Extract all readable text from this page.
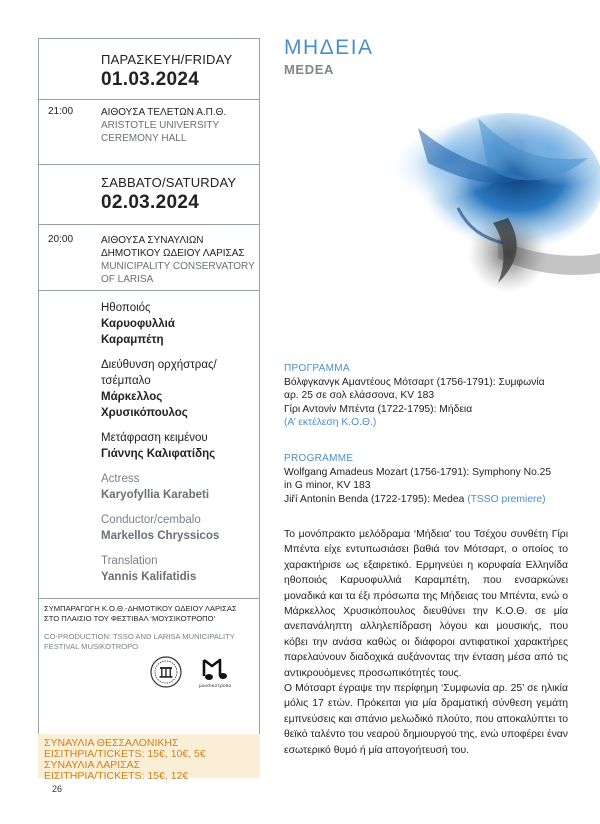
ΠΑΡΑΣΚΕΥΗ/FRIDAY
01.03.2024
21:00	ΑΙΘΟΥΣΑ ΤΕΛΕΤΩΝ Α.Π.Θ.
ARISTOTLE UNIVERSITY
CEREMONY HALL
ΣΑΒΒΑΤΟ/SATURDAY
02.03.2024
20:00	ΑΙΘΟΥΣΑ ΣΥΝΑΥΛΙΩΝ
ΔΗΜΟΤΙΚΟΥ ΩΔΕΙΟΥ ΛΑΡΙΣΑΣ
MUNICIPALITY CONSERVATORY
OF LARISA
Ηθοποιός
Καρυοφυλλιά
Καραμπέτη
Διεύθυνση ορχήστρας/
τσέμπαλο
Μάρκελλος
Χρυσικόπουλος
Μετάφραση κειμένου
Γιάννης Καλιφατίδης
Actress
Karyofyllia Karabeti
Conductor/cembalo
Markellos Chryssicos
Translation
Yannis Kalifatidis
ΣΥΜΠΑΡΑΓΩΓΗ Κ.Ο.Θ.-ΔΗΜΟΤΙΚΟΥ ΩΔΕΙΟΥ ΛΑΡΙΣΑΣ
ΣΤΟ ΠΛΑΙΣΙΟ ΤΟΥ ΦΕΣΤΙΒΑΛ ‘ΜΟΥΣΙΚΟΤΡΟΠΟ’
CO-PRODUCTION: TSSO AND LARISA MUNICIPALITY
FESTIVAL MUSIKOTROPO
μουσικοτροπο
ΣΥΝΑΥΛΙΑ ΘΕΣΣΑΛΟΝΙΚΗΣ
ΕΙΣΙΤΗΡΙΑ/TICKETS: 15€, 10€, 5€
ΣΥΝΑΥΛΙΑ ΛΑΡΙΣΑΣ
ΕΙΣΙΤΗΡΙΑ/TICKETS: 15€, 12€
ΜΗΔΕΙΑ
MEDEA
ΠΡΟΓΡΑΜΜΑ
Βόλφγκανγκ Αμαντέους Μότσαρτ (1756-1791): Συμφωνία
αρ. 25 σε σολ ελάσσονα, KV 183
Γίρι Αντονίν Μπέντα (1722-1795): Μήδεια
(Α’ εκτέλεση Κ.Ο.Θ.)
PROGRAMME
Wolfgang Amadeus Mozart (1756-1791): Symphony No.25
in G minor, KV 183
Jiří Antonín Benda (1722-1795): Medea (TSSO premiere)

Το μονόπρακτο μελόδραμα ‘Μήδεια’ του Τσέχου συνθέτη Γίρι Μπέντα είχε εντυπωσιάσει βαθιά τον Μότσαρτ, ο οποίος το χαρακτήρισε ως εξαιρετικό. Ερμηνεύει η κορυφαία Ελληνίδα ηθοποιός Καρυοφυλλιά Καραμπέτη, που ενσαρκώνει μοναδικά και τα έξι πρόσωπα της Μήδειας του Μπέντα, ενώ ο Μάρκελλος Χρυσικόπουλος διευθύνει την Κ.Ο.Θ. σε μία ανεπανάληπτη αλληλεπίδραση λόγου και μουσικής, που κόβει την ανάσα καθώς οι διάφοροι αντιφατικοί χαρακτήρες παρελαύνουν διαδοχικά αυξάνοντας την ένταση μέσα από τις αντικρουόμενες προσωπικότητές τους.

Ο Μότσαρτ έγραψε την περίφημη ‘Συμφωνία αρ. 25’ σε ηλικία μόλις 17 ετών. Πρόκειται για μία δραματική σύνθεση γεμάτη εμπνεύσεις και σπάνιο μελωδικό πλούτο, που αποκαλύπτει το θεϊκό ταλέντο του νεαρού δημιουργού της, ενώ υποφέρει έναν εσωτερικό θυμό ή μία απογοήτευσή του.

26
